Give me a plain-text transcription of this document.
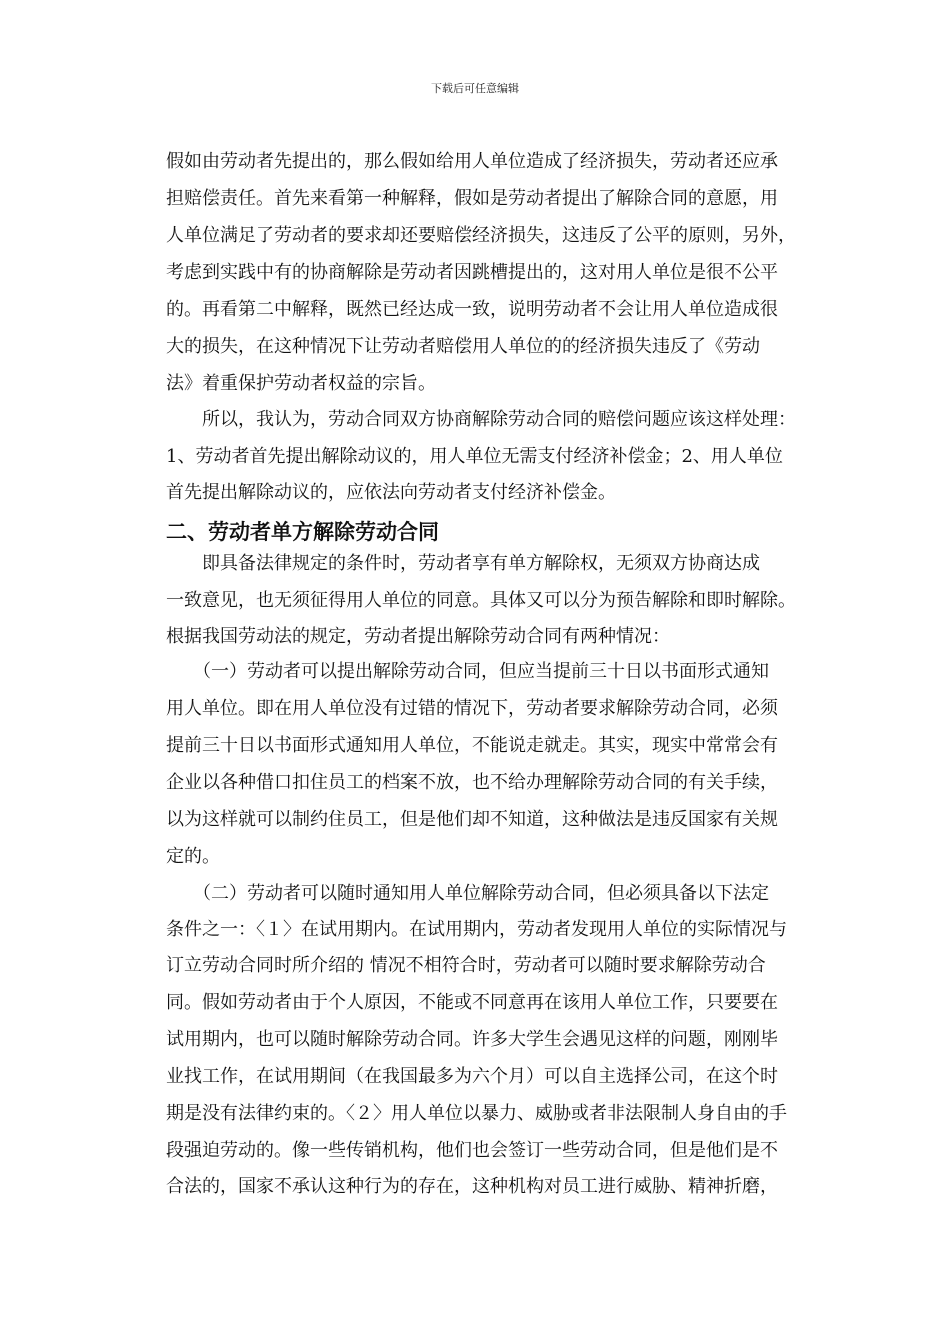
下载后可任意编辑
假如由劳动者先提出的，那么假如给用人单位造成了经济损失，劳动者还应承
担赔偿责任。首先来看第一种解释，假如是劳动者提出了解除合同的意愿，用
人单位满足了劳动者的要求却还要赔偿经济损失，这违反了公平的原则，另外，
考虑到实践中有的协商解除是劳动者因跳槽提出的，这对用人单位是很不公平
的。再看第二中解释，既然已经达成一致，说明劳动者不会让用人单位造成很
大的损失，在这种情况下让劳动者赔偿用人单位的的经济损失违反了《劳动
法》着重保护劳动者权益的宗旨。
　　所以，我认为，劳动合同双方协商解除劳动合同的赔偿问题应该这样处理：
1、劳动者首先提出解除动议的，用人单位无需支付经济补偿金；2、用人单位
首先提出解除动议的，应依法向劳动者支付经济补偿金。
二、劳动者单方解除劳动合同
　　即具备法律规定的条件时，劳动者享有单方解除权，无须双方协商达成
一致意见，也无须征得用人单位的同意。具体又可以分为预告解除和即时解除。
根据我国劳动法的规定，劳动者提出解除劳动合同有两种情况：
　　（一）劳动者可以提出解除劳动合同，但应当提前三十日以书面形式通知
用人单位。即在用人单位没有过错的情况下，劳动者要求解除劳动合同，必须
提前三十日以书面形式通知用人单位，不能说走就走。其实，现实中常常会有
企业以各种借口扣住员工的档案不放，也不给办理解除劳动合同的有关手续，
以为这样就可以制约住员工，但是他们却不知道，这种做法是违反国家有关规
定的。
　　（二）劳动者可以随时通知用人单位解除劳动合同，但必须具备以下法定
条件之一：〈１〉在试用期内。在试用期内，劳动者发现用人单位的实际情况与
订立劳动合同时所介绍的 情况不相符合时，劳动者可以随时要求解除劳动合
同。假如劳动者由于个人原因，不能或不同意再在该用人单位工作，只要要在
试用期内，也可以随时解除劳动合同。许多大学生会遇见这样的问题，刚刚毕
业找工作，在试用期间（在我国最多为六个月）可以自主选择公司，在这个时
期是没有法律约束的。〈２〉用人单位以暴力、威胁或者非法限制人身自由的手
段强迫劳动的。像一些传销机构，他们也会签订一些劳动合同，但是他们是不
合法的，国家不承认这种行为的存在，这种机构对员工进行威胁、精神折磨，
